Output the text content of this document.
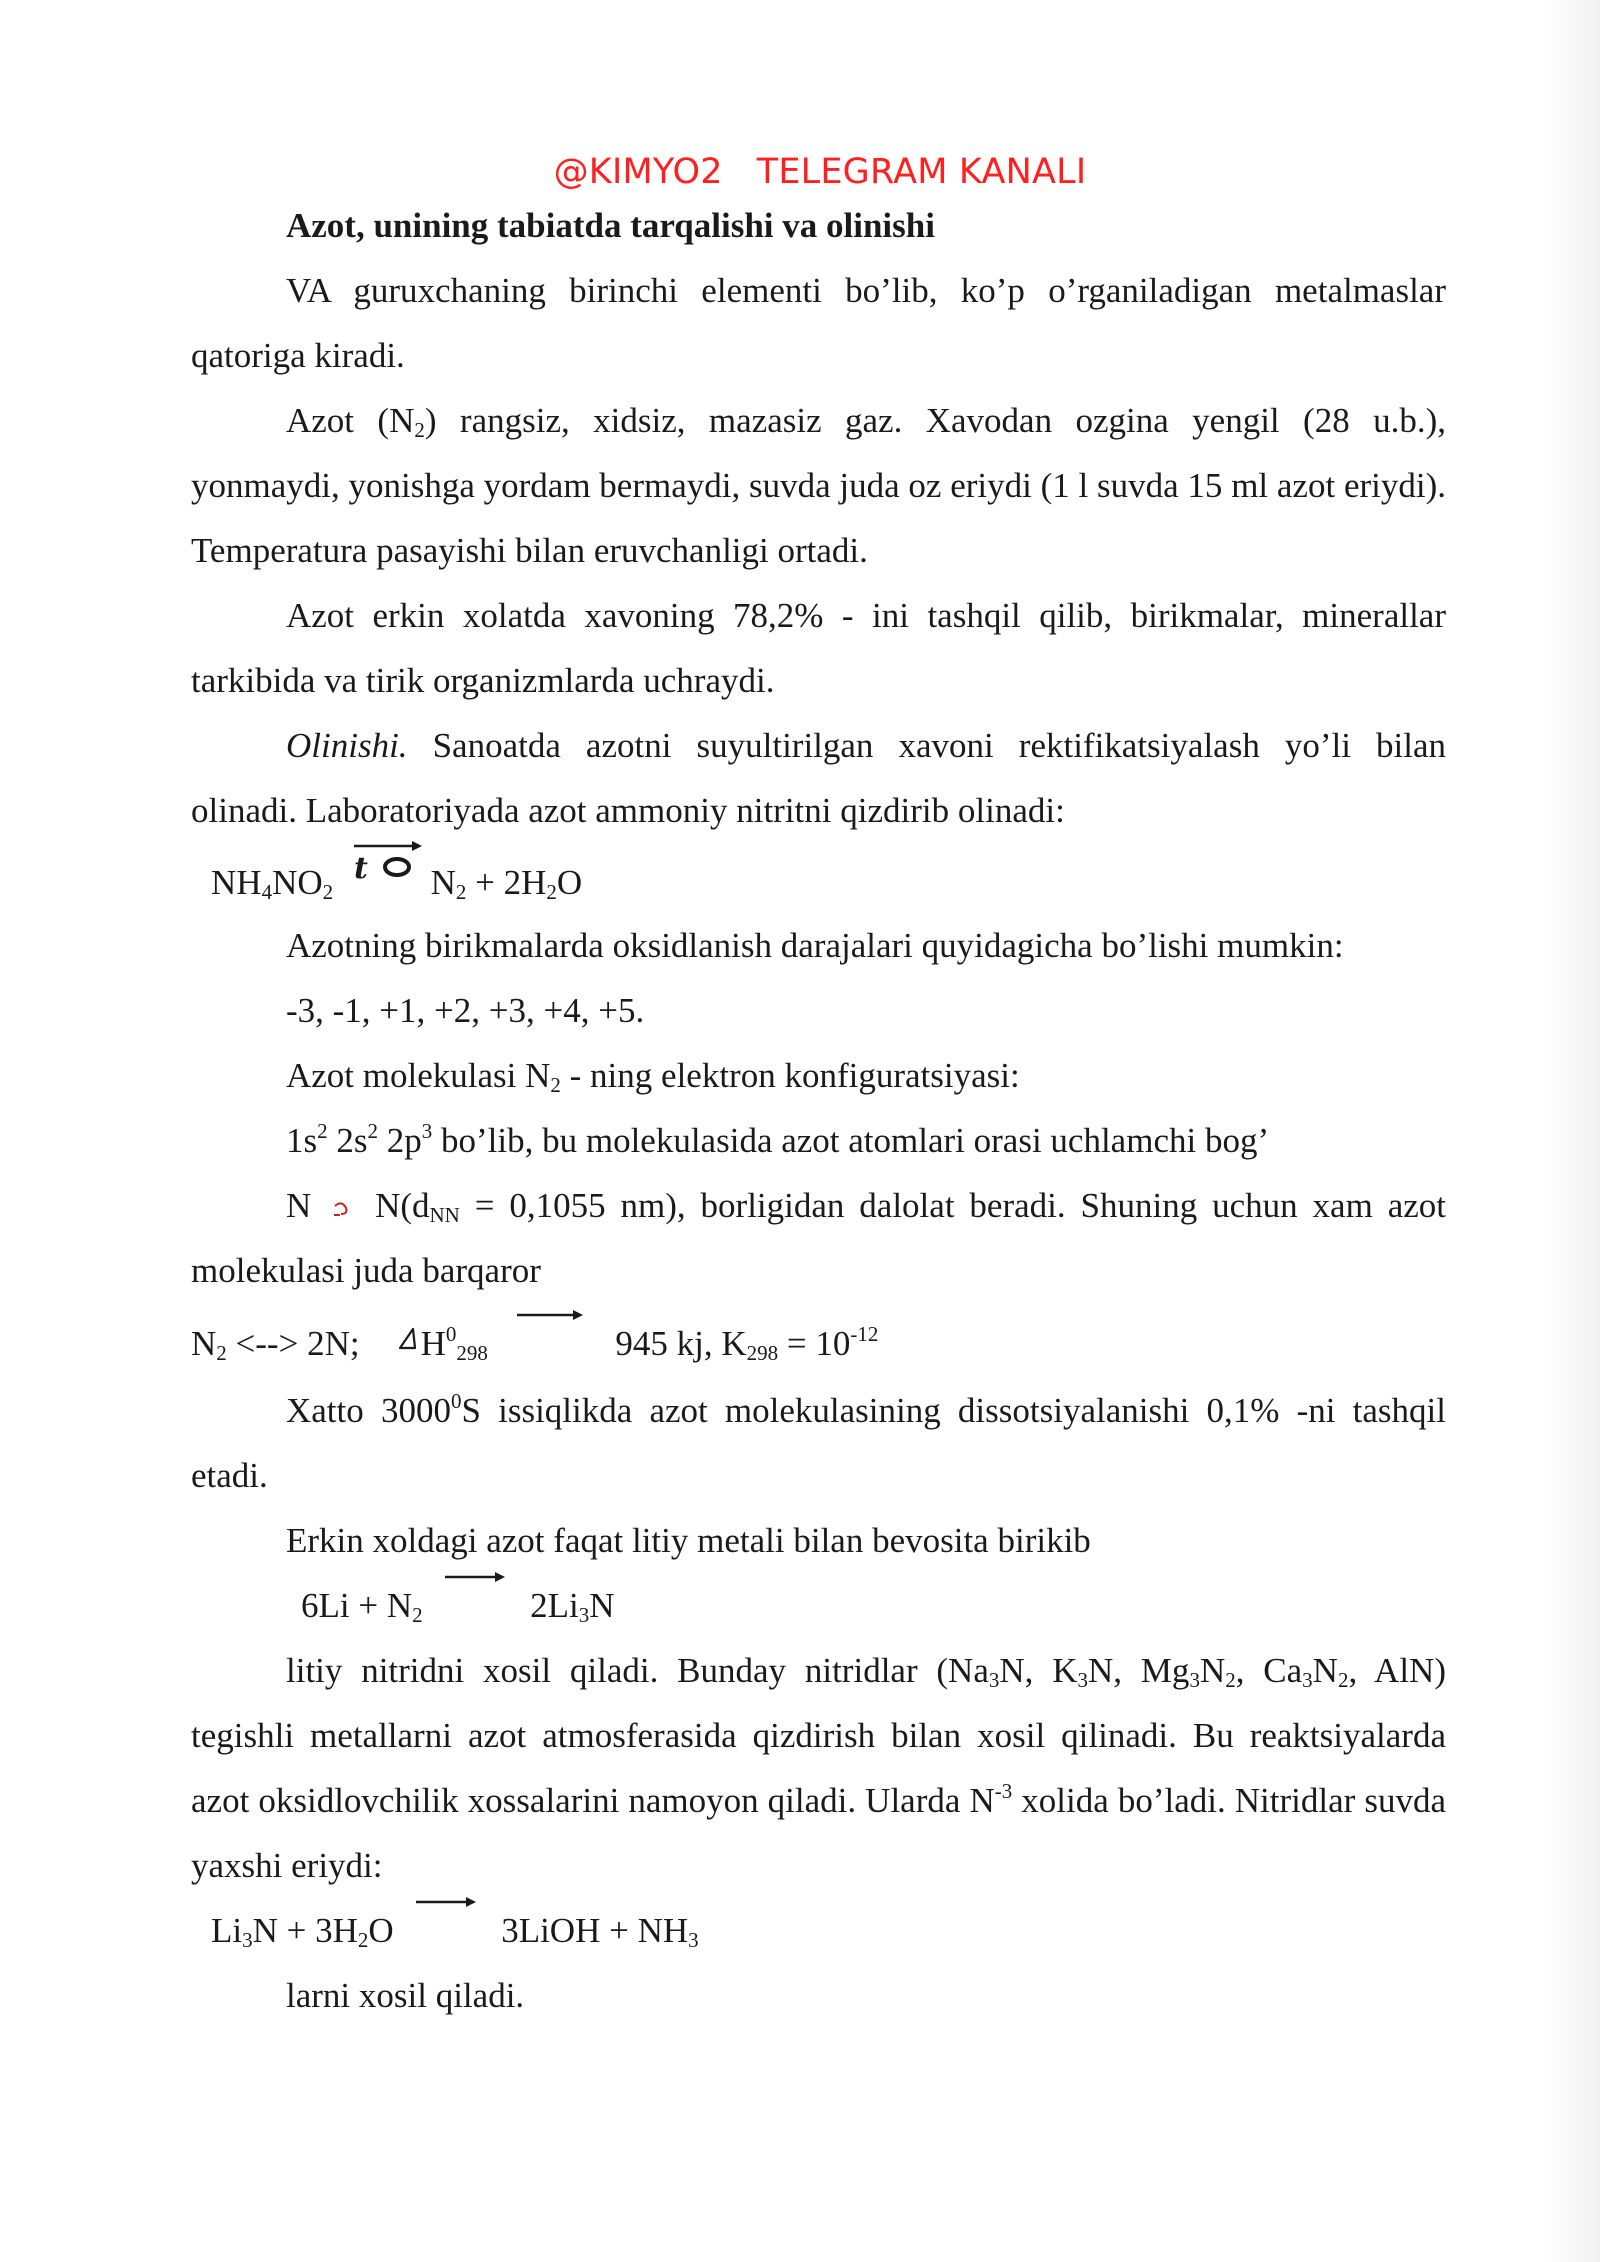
@KIMYO2   TELEGRAM KANALI

Azot, unining tabiatda tarqalishi va olinishi

VA guruxchaning birinchi elementi bo’lib, ko’p o’rganiladigan metalmaslar qatoriga kiradi.

Azot $(N_2)$ rangsiz, xidsiz, mazasiz gaz. Xavodan ozgina yengil (28 u.b.), yonmaydi, yonishga yordam bermaydi, suvda juda oz eriydi (1 l suvda 15 ml azot eriydi). Temperatura pasayishi bilan eruvchanligi ortadi.

Azot erkin xolatda xavoning 78,2% - ini tashqil qilib, birikmalar, minerallar tarkibida va tirik organizmlarda uchraydi.

Olinishi. Sanoatda azotni suyultirilgan xavoni rektifikatsiyalash yo’li bilan olinadi. Laboratoriyada azot ammoniy nitritni qizdirib olinadi:

$NH_4NO_2$
t $N_2 + 2H_2O$

Azotning birikmalarda oksidlanish darajalari quyidagicha bo’lishi mumkin:

-3, -1, +1, +2, +3, +4, +5.

Azot molekulasi $N_2$ - ning elektron konfiguratsiyasi:

$1s^2$ $2s^2$ $2p^3$ bo’lib, bu molekulasida azot atomlari orasi uchlamchi bog’

N
$N(d_{NN} = 0,1055$ nm), borligidan dalolat beradi. Shuning uchun xam azot molekulasi juda barqaror

$N_2$ <--> 2N;
$H^0_{298} \to 945$ kj, $K_{298} = 10^{-12}$

Xatto 3000$^0$S issiqlikda azot molekulasining dissotsiyalanishi 0,1% -ni tashqil etadi.

Erkin xoldagi azot faqat litiy metali bilan bevosita birikib

$6Li + N_2 \to 2Li_3N$

litiy nitridni xosil qiladi. Bunday nitridlar ($Na_3N$, $K_3N$, $Mg_3N_2$, $Ca_3N_2$, AlN) tegishli metallarni azot atmosferasida qizdirish bilan xosil qilinadi. Bu reaktsiyalarda azot oksidlovchilik xossalarini namoyon qiladi. Ularda $N^{-3}$ xolida bo’ladi. Nitridlar suvda yaxshi eriydi:

$Li_3N + 3H_2O$ → 3LiOH + $NH_3$

larni xosil qiladi.
